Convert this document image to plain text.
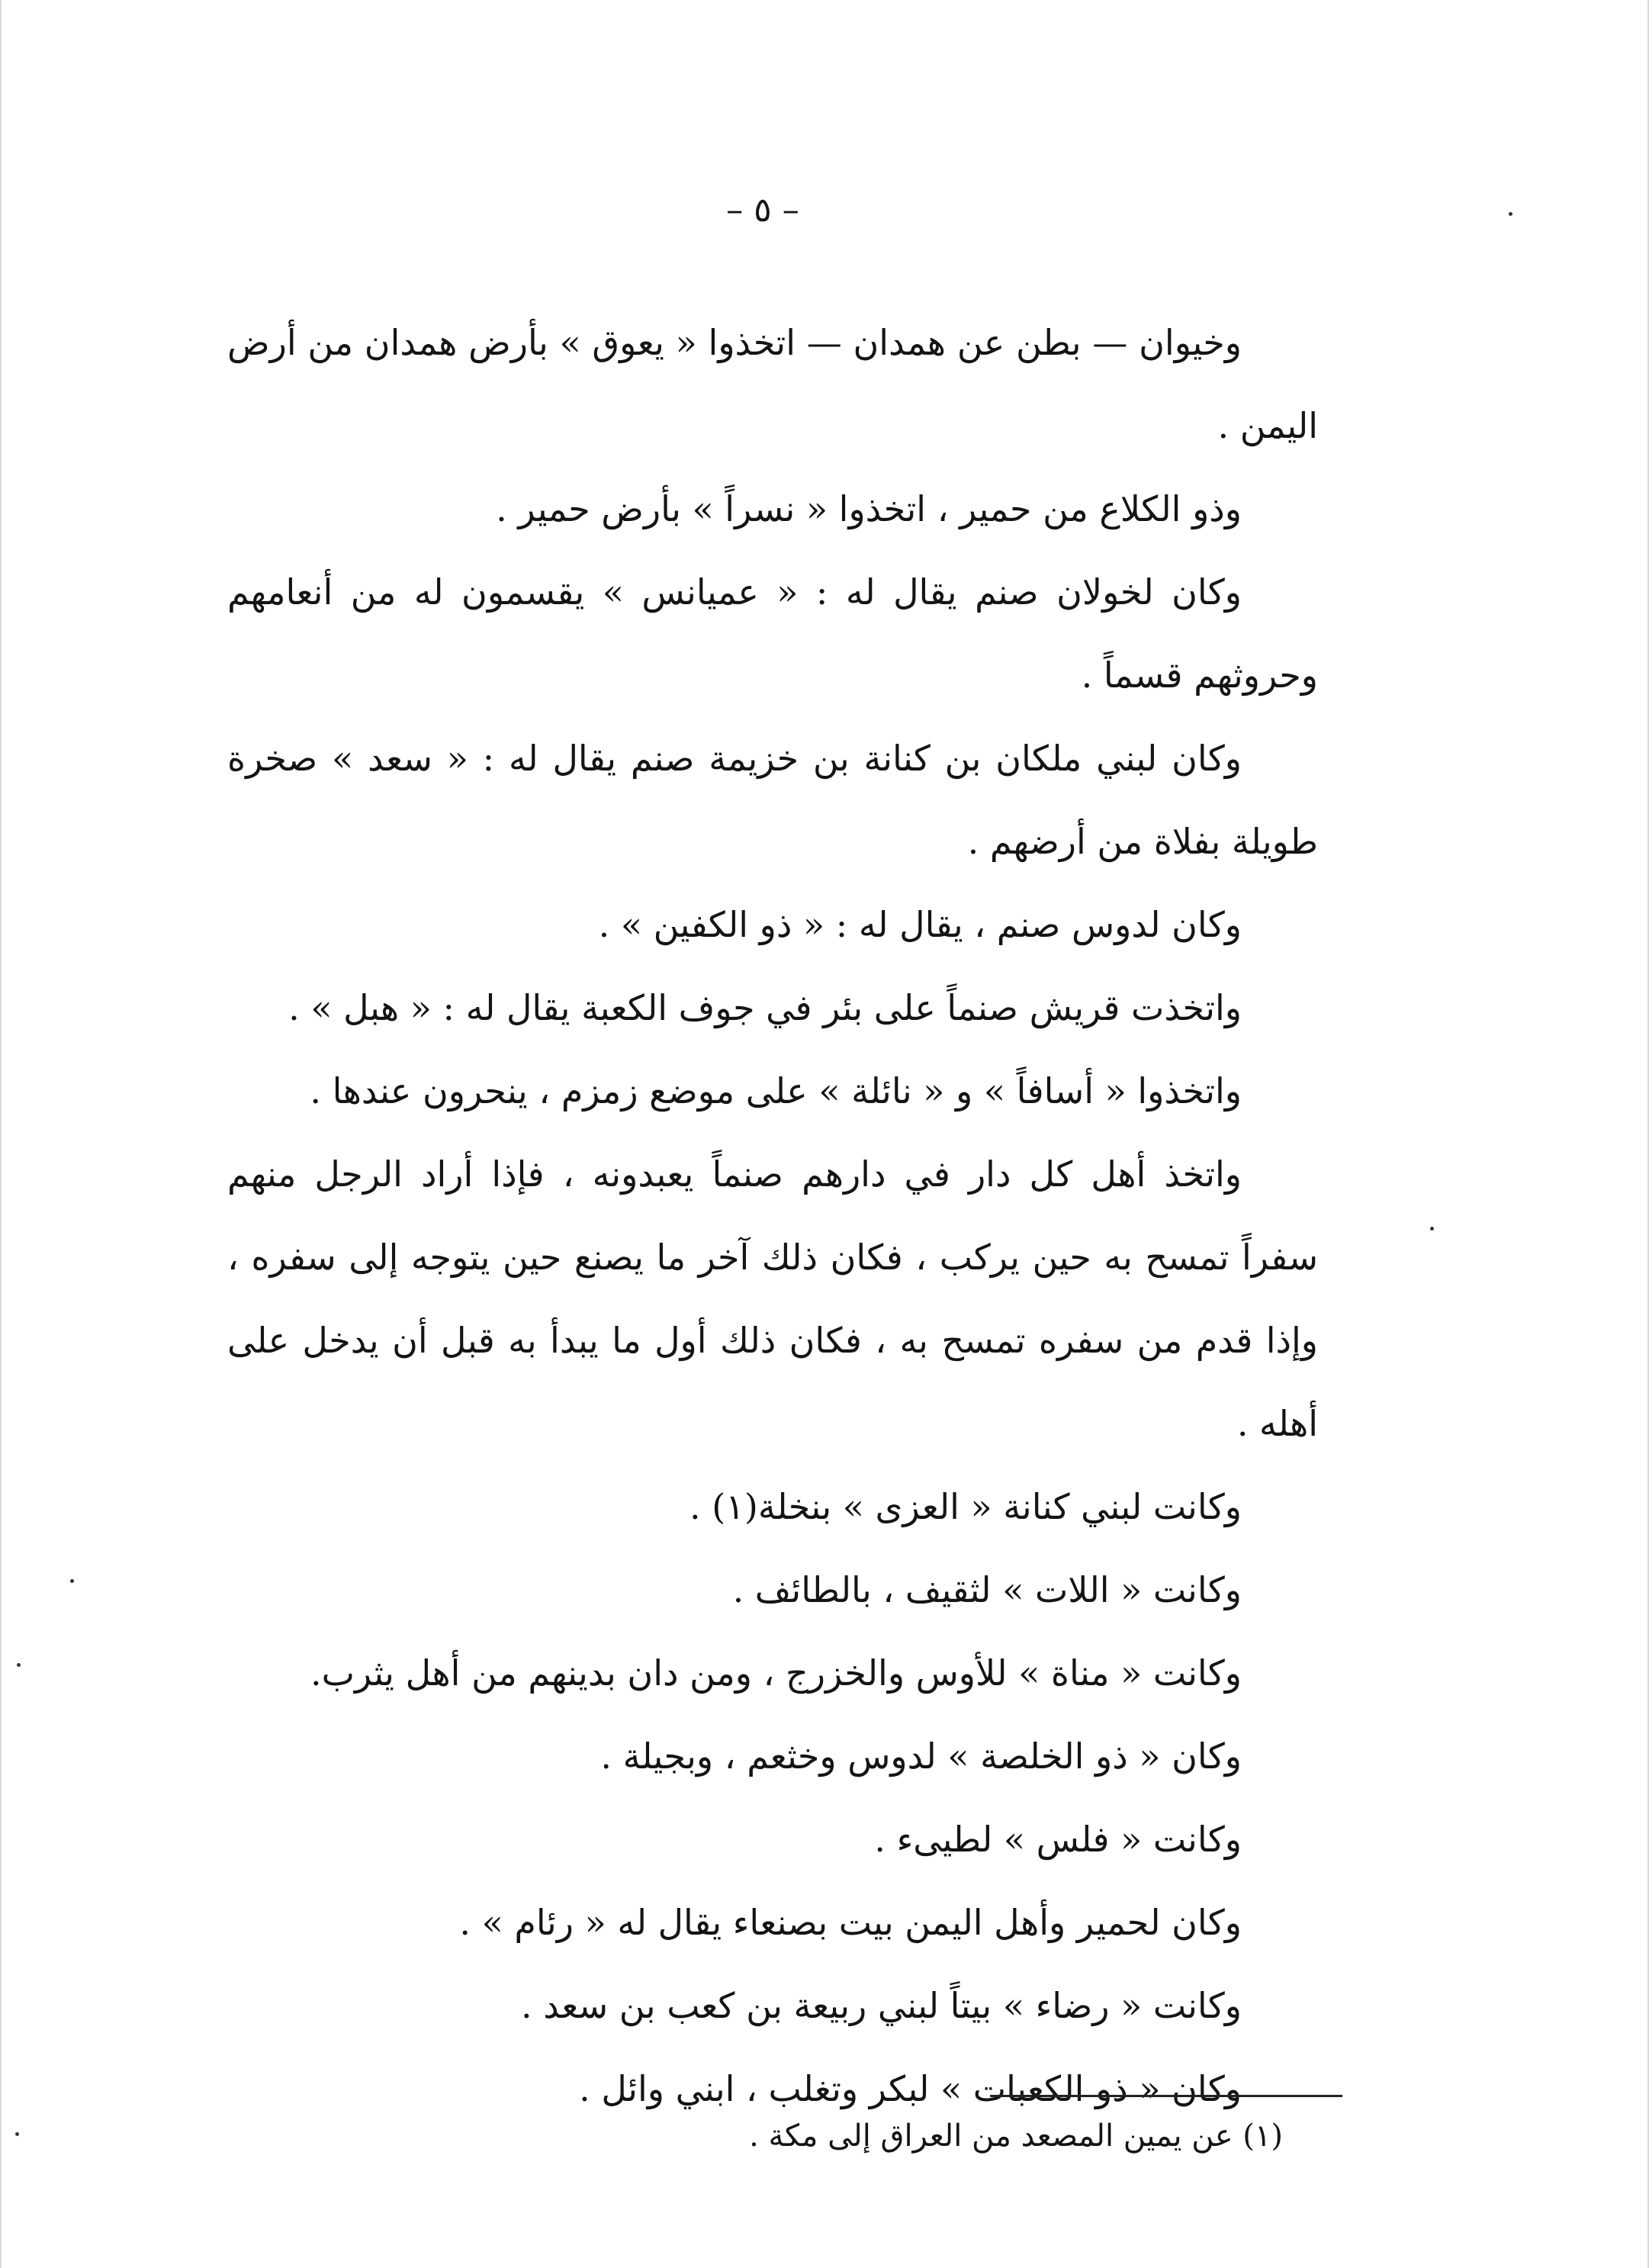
– ٥ –

وخيوان — بطن عن همدان — اتخذوا « يعوق » بأرض همدان من أرض اليمن .

وذو الكلاع من حمير ، اتخذوا « نسراً » بأرض حمير .

وكان لخولان صنم يقال له : « عميانس » يقسمون له من أنعامهم وحروثهم قسماً .

وكان لبني ملكان بن كنانة بن خزيمة صنم يقال له : « سعد » صخرة طويلة بفلاة من أرضهم .

وكان لدوس صنم ، يقال له : « ذو الكفين » .

واتخذت قريش صنماً على بئر في جوف الكعبة يقال له : « هبل » .

واتخذوا « أسافاً » و « نائلة » على موضع زمزم ، ينحرون عندها .

واتخذ أهل كل دار في دارهم صنماً يعبدونه ، فإذا أراد الرجل منهم سفراً تمسح به حين يركب ، فكان ذلك آخر ما يصنع حين يتوجه إلى سفره ، وإذا قدم من سفره تمسح به ، فكان ذلك أول ما يبدأ به قبل أن يدخل على أهله .

وكانت لبني كنانة « العزى » بنخلة(١) .

وكانت « اللات » لثقيف ، بالطائف .

وكانت « مناة » للأوس والخزرج ، ومن دان بدينهم من أهل يثرب.

وكان « ذو الخلصة » لدوس وخثعم ، وبجيلة .

وكانت « فلس » لطيىء .

وكان لحمير وأهل اليمن بيت بصنعاء يقال له « رئام » .

وكانت « رضاء » بيتاً لبني ربيعة بن كعب بن سعد .

وكان « ذو الكعبات » لبكر وتغلب ، ابني وائل .

(١) عن يمين المصعد من العراق إلى مكة .
